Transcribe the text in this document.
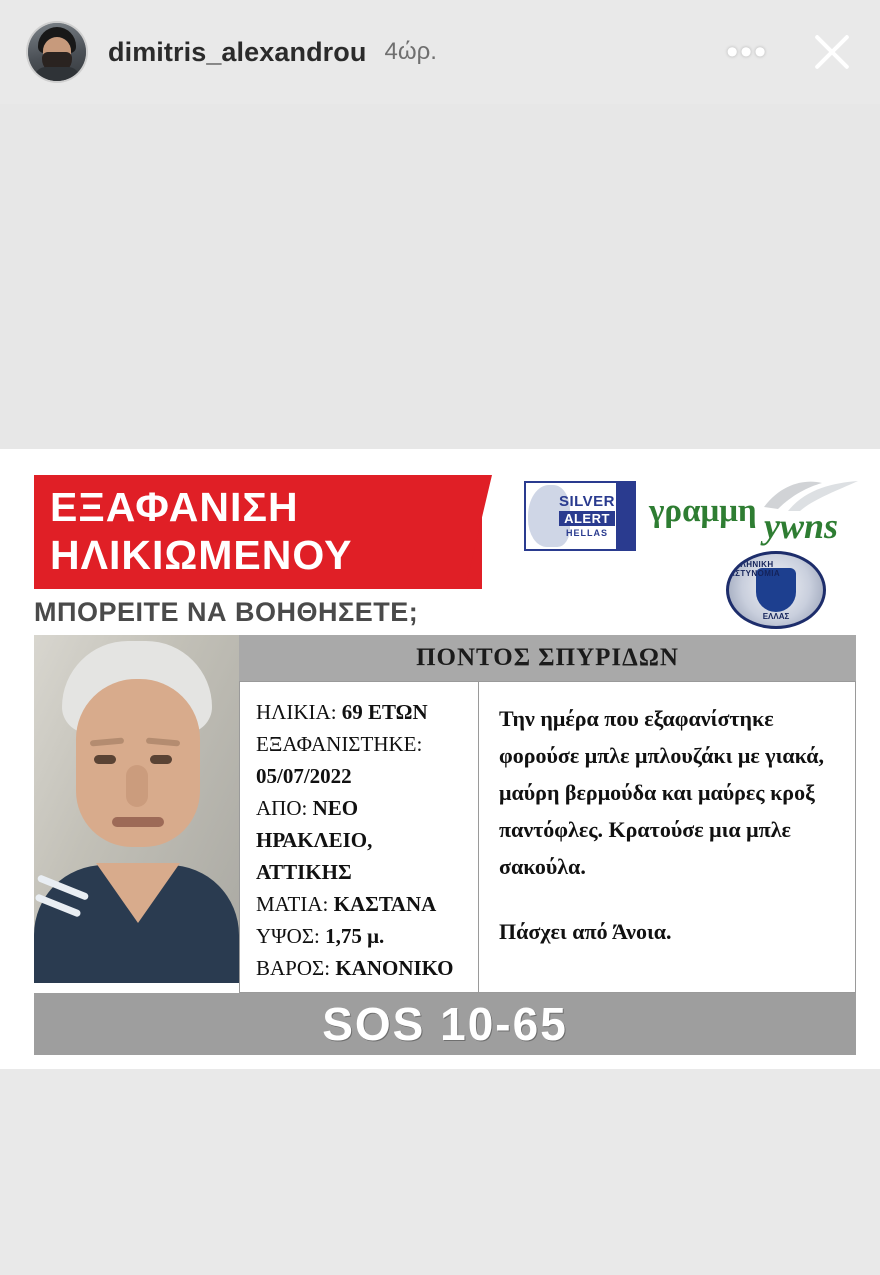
dimitris_alexandrou 4ώρ.	•••
ΕΞΑΦΑΝΙΣΗ
ΗΛΙΚΙΩΜΕΝΟΥ
ΜΠΟΡΕΙΤΕ ΝΑ ΒΟΗΘΗΣΕΤΕ;
SILVER
ALERT
HELLAS
γραμμη ywns
ΕΛΛΗΝΙΚΗ ΑΣΤΥΝΟΜΙΑ
ΕΛΛΑΣ
ΗΛΙΚΙΑ: 69 ΕΤΩΝ
ΕΞΑΦΑΝΙΣΤΗΚΕ:
05/07/2022
ΑΠΟ: ΝΕΟ ΗΡΑΚΛΕΙΟ,
ΑΤΤΙΚΗΣ
ΜΑΤΙΑ: ΚΑΣΤΑΝΑ
ΥΨΟΣ: 1,75 μ.
ΒΑΡΟΣ: ΚΑΝΟΝΙΚΟ

Την ημέρα που εξαφανίστηκε φορούσε μπλε μπλουζάκι με γιακά, μαύρη βερμούδα και μαύρες κροξ παντόφλες. Κρατούσε μια μπλε σακούλα.

Πάσχει από Άνοια.

SOS 10-65
ΠΟΝΤΟΣ ΣΠΥΡΙΔΩΝ
